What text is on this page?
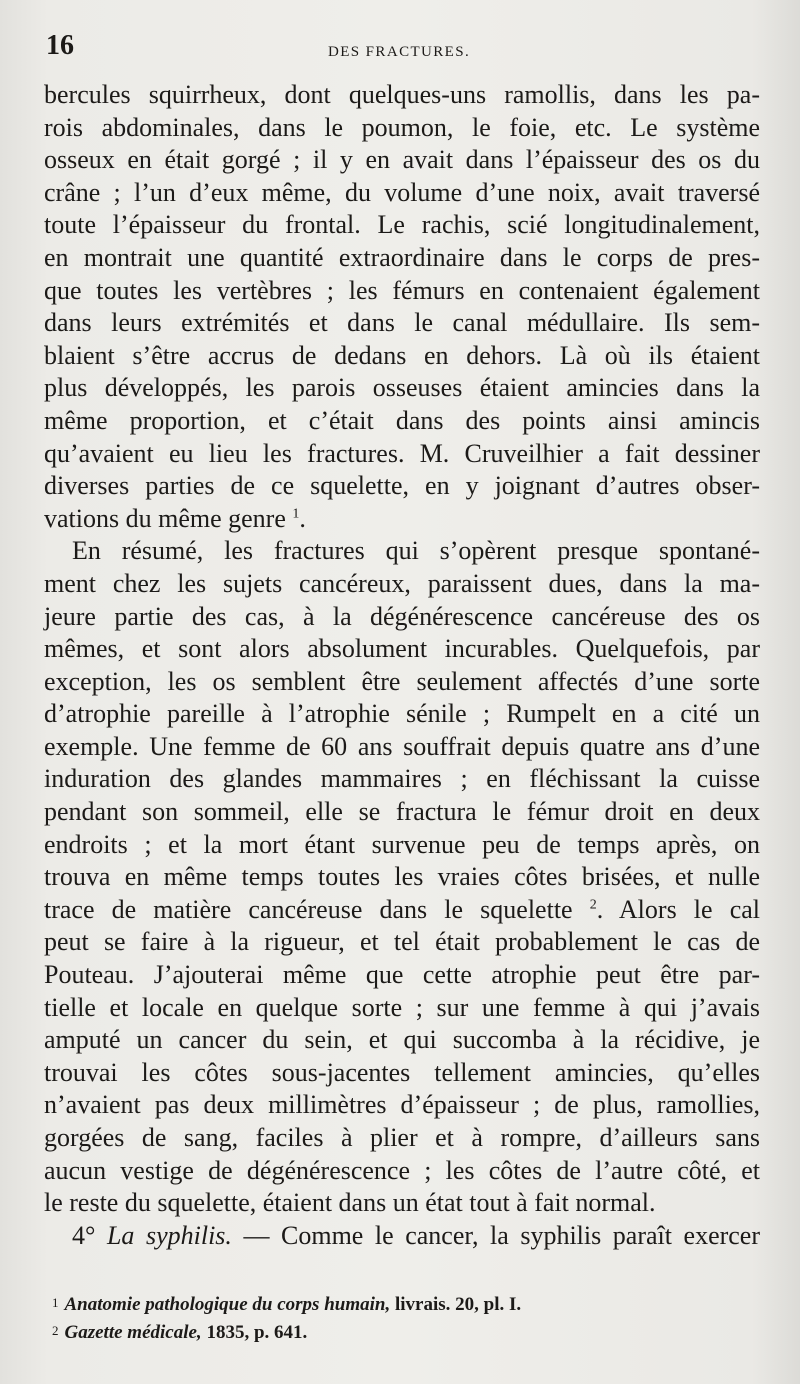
16	DES FRACTURES.
bercules squirrheux, dont quelques-uns ramollis, dans les pa-
rois abdominales, dans le poumon, le foie, etc. Le système
osseux en était gorgé ; il y en avait dans l’épaisseur des os du
crâne ; l’un d’eux même, du volume d’une noix, avait traversé
toute l’épaisseur du frontal. Le rachis, scié longitudinalement,
en montrait une quantité extraordinaire dans le corps de pres-
que toutes les vertèbres ; les fémurs en contenaient également
dans leurs extrémités et dans le canal médullaire. Ils sem-
blaient s’être accrus de dedans en dehors. Là où ils étaient
plus développés, les parois osseuses étaient amincies dans la
même proportion, et c’était dans des points ainsi amincis
qu’avaient eu lieu les fractures. M. Cruveilhier a fait dessiner
diverses parties de ce squelette, en y joignant d’autres obser-
vations du même genre $^1$.
En résumé, les fractures qui s’opèrent presque spontané-
ment chez les sujets cancéreux, paraissent dues, dans la ma-
jeure partie des cas, à la dégénérescence cancéreuse des os
mêmes, et sont alors absolument incurables. Quelquefois, par
exception, les os semblent être seulement affectés d’une sorte
d’atrophie pareille à l’atrophie sénile ; Rumpelt en a cité un
exemple. Une femme de 60 ans souffrait depuis quatre ans d’une
induration des glandes mammaires ; en fléchissant la cuisse
pendant son sommeil, elle se fractura le fémur droit en deux
endroits ; et la mort étant survenue peu de temps après, on
trouva en même temps toutes les vraies côtes brisées, et nulle
trace de matière cancéreuse dans le squelette $^2$. Alors le cal
peut se faire à la rigueur, et tel était probablement le cas de
Pouteau. J’ajouterai même que cette atrophie peut être par-
tielle et locale en quelque sorte ; sur une femme à qui j’avais
amputé un cancer du sein, et qui succomba à la récidive, je
trouvai les côtes sous-jacentes tellement amincies, qu’elles
n’avaient pas deux millimètres d’épaisseur ; de plus, ramollies,
gorgées de sang, faciles à plier et à rompre, d’ailleurs sans
aucun vestige de dégénérescence ; les côtes de l’autre côté, et
le reste du squelette, étaient dans un état tout à fait normal.
4° La syphilis. — Comme le cancer, la syphilis paraît exercer
$^1$ Anatomie pathologique du corps humain, livrais. 20, pl. I.
$^2$ Gazette médicale, 1835, p. 641.
